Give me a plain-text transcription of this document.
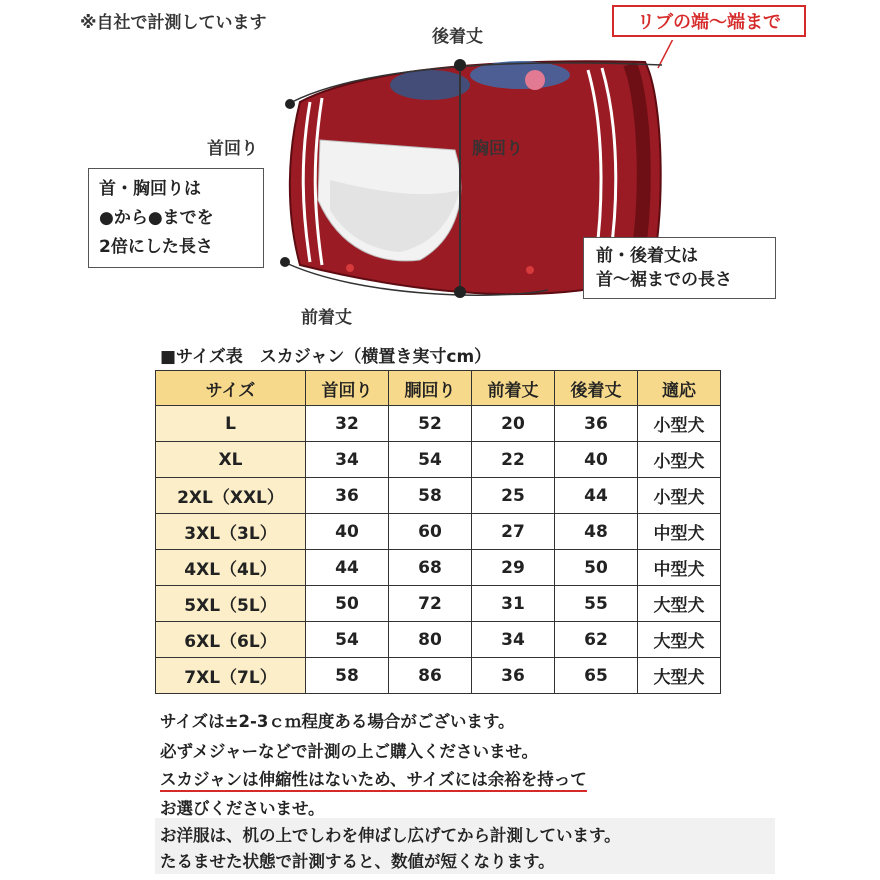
※自社で計測しています	リブの端〜端まで
後着丈
胸回り
首回り
前着丈
首・胸回りは
●から●までを
2倍にした長さ	前・後着丈は
首〜裾までの長さ
■サイズ表　スカジャン（横置き実寸cm）
サイズ	首回り	胴回り	前着丈	後着丈	適応
L	32	52	20	36	小型犬
XL	34	54	22	40	小型犬
2XL（XXL）	36	58	25	44	小型犬
3XL（3L）	40	60	27	48	中型犬
4XL（4L）	44	68	29	50	中型犬
5XL（5L）	50	72	31	55	大型犬
6XL（6L）	54	80	34	62	大型犬
7XL（7L）	58	86	36	65	大型犬
サイズは±2-3ｃｍ程度ある場合がございます。
必ずメジャーなどで計測の上ご購入くださいませ。
スカジャンは伸縮性はないため、サイズには余裕を持って
お選びくださいませ。
お洋服は、机の上でしわを伸ばし広げてから計測しています。
たるませた状態で計測すると、数値が短くなります。
